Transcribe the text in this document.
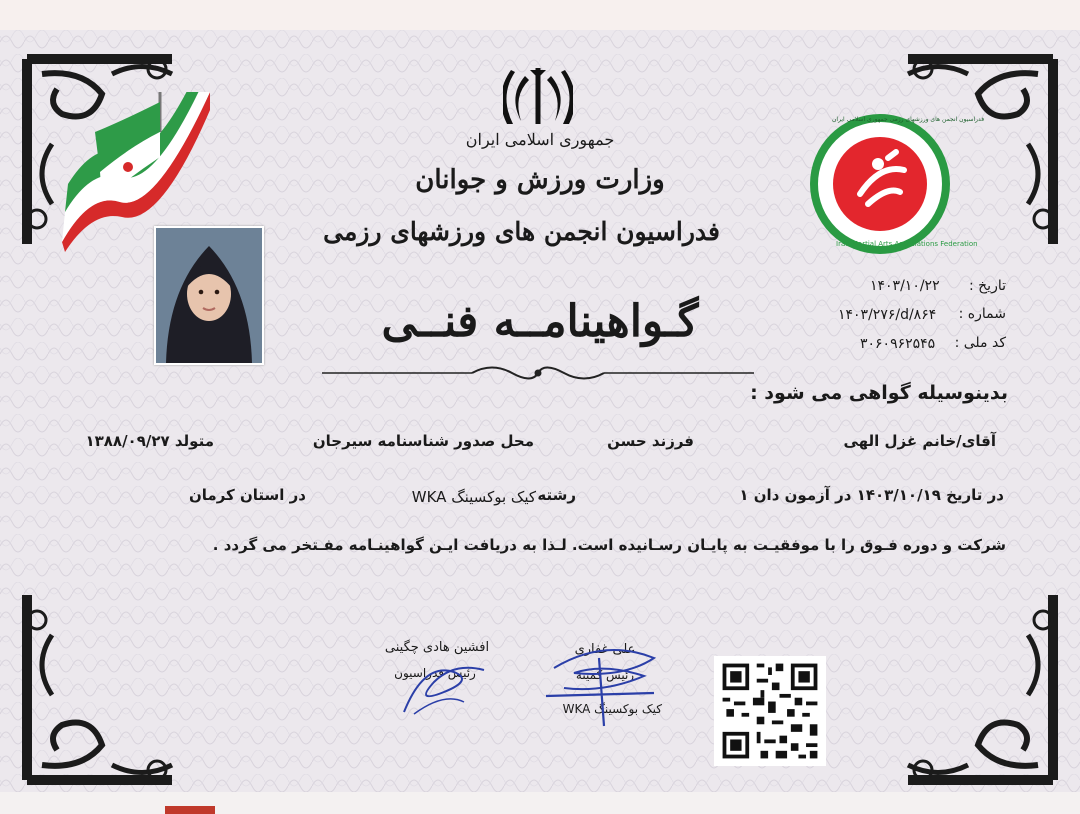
جمهوری اسلامی ایران
وزارت ورزش و جوانان
فدراسیون انجمن های ورزشهای رزمی	Iran Martial Arts Associations Federation
فدراسیون انجمن های ورزشهای رزمی جمهوری اسلامی ایران
تاریخ :
۱۴۰۳/۱۰/۲۲
شماره :
۱۴۰۳/۲۷۶/d/۸۶۴
کد ملی :
۳۰۶۰۹۶۲۵۴۵
گـواهینامــه فنــی
بدینوسیله گواهی می شود :
آقای/خانم غزل الهی
فرزند حسن
محل صدور شناسنامه سیرجان
متولد ۱۳۸۸/۰۹/۲۷
در تاریخ ۱۴۰۳/۱۰/۱۹ در آزمون دان ۱
رشته
کیک بوکسینگ WKA
در استان کرمان
شرکت و دوره فـوق را با موفقیـت به پایـان رسـانیده است. لـذا به دریافت ایـن گواهینـامه مفـتخر می گردد .
افشین هادی چگینی
رئیس فدراسیون
علی غفاری
رئیس کمیته
کیک بوکسینگ WKA
